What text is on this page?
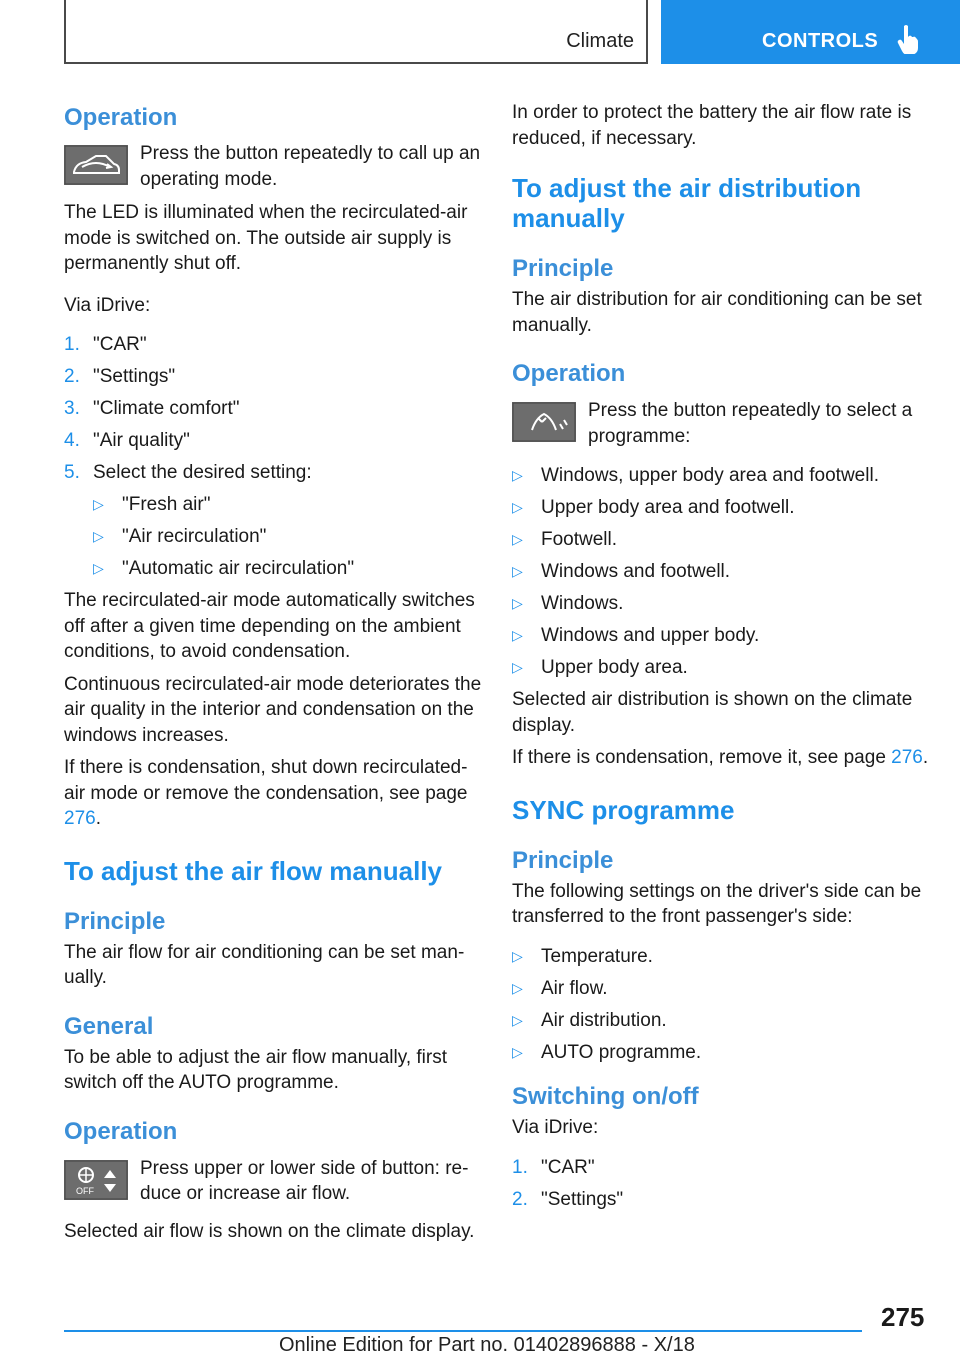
Climate	CONTROLS
Operation

Press the button repeatedly to call up an operating mode.

The LED is illuminated when the recirculated-air mode is switched on. The outside air supply is permanently shut off.

Via iDrive:

1. "CAR"
2. "Settings"
3. "Climate comfort"
4. "Air quality"
5. Select the desired setting:
▷ "Fresh air"
▷ "Air recirculation"
▷ "Automatic air recirculation"

The recirculated-air mode automatically switches off after a given time depending on the ambient conditions, to avoid condensation.

Continuous recirculated-air mode deteriorates the air quality in the interior and condensation on the windows increases.

If there is condensation, shut down recirculated-air mode or remove the condensation, see page 276.

To adjust the air flow manually
Principle

The air flow for air conditioning can be set manually.

General

To be able to adjust the air flow manually, first switch off the AUTO programme.

Operation
OFF

Press upper or lower side of button: reduce or increase air flow.

Selected air flow is shown on the climate display.

In order to protect the battery the air flow rate is reduced, if necessary.

To adjust the air distribution manually
Principle

The air distribution for air conditioning can be set manually.

Operation

Press the button repeatedly to select a programme:

▷ Windows, upper body area and footwell.
▷ Upper body area and footwell.
▷ Footwell.
▷ Windows and footwell.
▷ Windows.
▷ Windows and upper body.
▷ Upper body area.

Selected air distribution is shown on the climate display.

If there is condensation, remove it, see page 276.

SYNC programme
Principle

The following settings on the driver's side can be transferred to the front passenger's side:

▷ Temperature.
▷ Air flow.
▷ Air distribution.
▷ AUTO programme.
Switching on/off

Via iDrive:

1. "CAR"
2. "Settings"
275
Online Edition for Part no. 01402896888 - X/18
